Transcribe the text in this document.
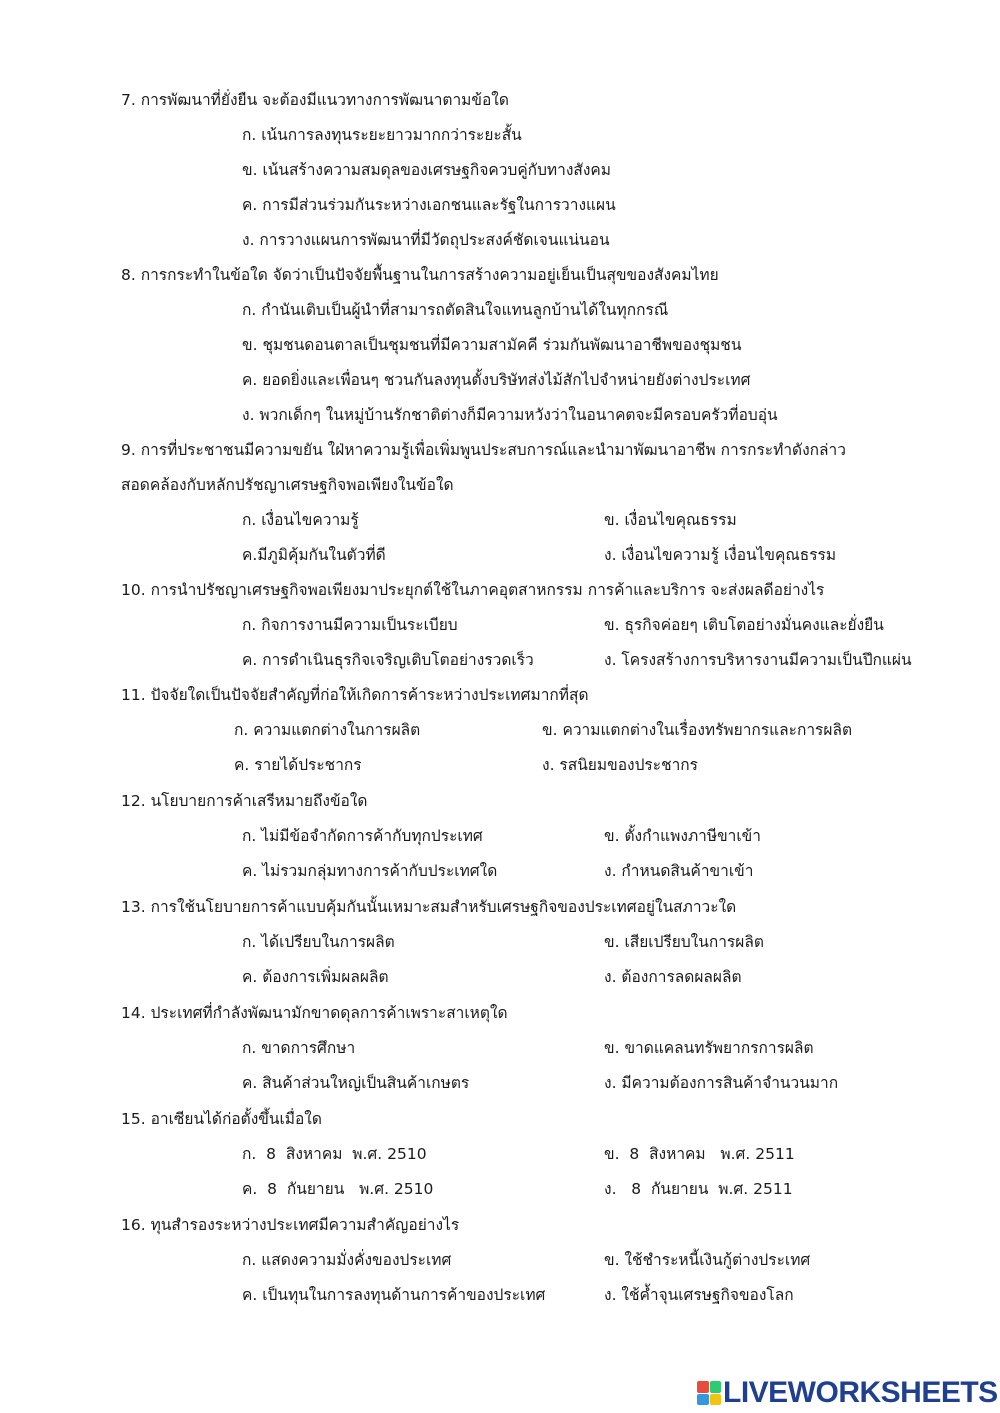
7. การพัฒนาที่ยั่งยืน จะต้องมีแนวทางการพัฒนาตามข้อใด
ก. เน้นการลงทุนระยะยาวมากกว่าระยะสั้น
ข. เน้นสร้างความสมดุลของเศรษฐกิจควบคู่กับทางสังคม
ค. การมีส่วนร่วมกันระหว่างเอกชนและรัฐในการวางแผน
ง. การวางแผนการพัฒนาที่มีวัตถุประสงค์ชัดเจนแน่นอน
8. การกระทำในข้อใด จัดว่าเป็นปัจจัยพื้นฐานในการสร้างความอยู่เย็นเป็นสุขของสังคมไทย
ก. กำนันเติบเป็นผู้นำที่สามารถตัดสินใจแทนลูกบ้านได้ในทุกกรณี
ข. ชุมชนดอนตาลเป็นชุมชนที่มีความสามัคคี ร่วมกันพัฒนาอาชีพของชุมชน
ค. ยอดยิ่งและเพื่อนๆ ชวนกันลงทุนตั้งบริษัทส่งไม้สักไปจำหน่ายยังต่างประเทศ
ง. พวกเด็กๆ ในหมู่บ้านรักชาติต่างก็มีความหวังว่าในอนาคตจะมีครอบครัวที่อบอุ่น
9. การที่ประชาชนมีความขยัน ใฝ่หาความรู้เพื่อเพิ่มพูนประสบการณ์และนำมาพัฒนาอาชีพ การกระทำดังกล่าว
สอดคล้องกับหลักปรัชญาเศรษฐกิจพอเพียงในข้อใด
ก. เงื่อนไขความรู้	ข. เงื่อนไขคุณธรรม
ค.มีภูมิคุ้มกันในตัวที่ดี	ง. เงื่อนไขความรู้ เงื่อนไขคุณธรรม
10. การนำปรัชญาเศรษฐกิจพอเพียงมาประยุกต์ใช้ในภาคอุตสาหกรรม การค้าและบริการ จะส่งผลดีอย่างไร
ก. กิจการงานมีความเป็นระเบียบ	ข. ธุรกิจค่อยๆ เติบโตอย่างมั่นคงและยั่งยืน
ค. การดำเนินธุรกิจเจริญเติบโตอย่างรวดเร็ว	ง. โครงสร้างการบริหารงานมีความเป็นปึกแผ่น
11. ปัจจัยใดเป็นปัจจัยสำคัญที่ก่อให้เกิดการค้าระหว่างประเทศมากที่สุด
ก. ความแตกต่างในการผลิต	ข. ความแตกต่างในเรื่องทรัพยากรและการผลิต
ค. รายได้ประชากร	ง. รสนิยมของประชากร
12. นโยบายการค้าเสรีหมายถึงข้อใด
ก. ไม่มีข้อจำกัดการค้ากับทุกประเทศ	ข. ตั้งกำแพงภาษีขาเข้า
ค. ไม่รวมกลุ่มทางการค้ากับประเทศใด	ง. กำหนดสินค้าขาเข้า
13. การใช้นโยบายการค้าแบบคุ้มกันนั้นเหมาะสมสำหรับเศรษฐกิจของประเทศอยู่ในสภาวะใด
ก. ได้เปรียบในการผลิต	ข. เสียเปรียบในการผลิต
ค. ต้องการเพิ่มผลผลิต	ง. ต้องการลดผลผลิต
14. ประเทศที่กำลังพัฒนามักขาดดุลการค้าเพราะสาเหตุใด
ก. ขาดการศึกษา	ข. ขาดแคลนทรัพยากรการผลิต
ค. สินค้าส่วนใหญ่เป็นสินค้าเกษตร	ง. มีความต้องการสินค้าจำนวนมาก
15. อาเซียนได้ก่อตั้งขึ้นเมื่อใด
ก.  8  สิงหาคม  พ.ศ. 2510	ข.  8  สิงหาคม   พ.ศ. 2511
ค.  8  กันยายน   พ.ศ. 2510	ง.   8  กันยายน  พ.ศ. 2511
16. ทุนสำรองระหว่างประเทศมีความสำคัญอย่างไร
ก. แสดงความมั่งคั่งของประเทศ	ข. ใช้ชำระหนี้เงินกู้ต่างประเทศ
ค. เป็นทุนในการลงทุนด้านการค้าของประเทศ	ง. ใช้ค้ำจุนเศรษฐกิจของโลก
LIVEWORKSHEETS
